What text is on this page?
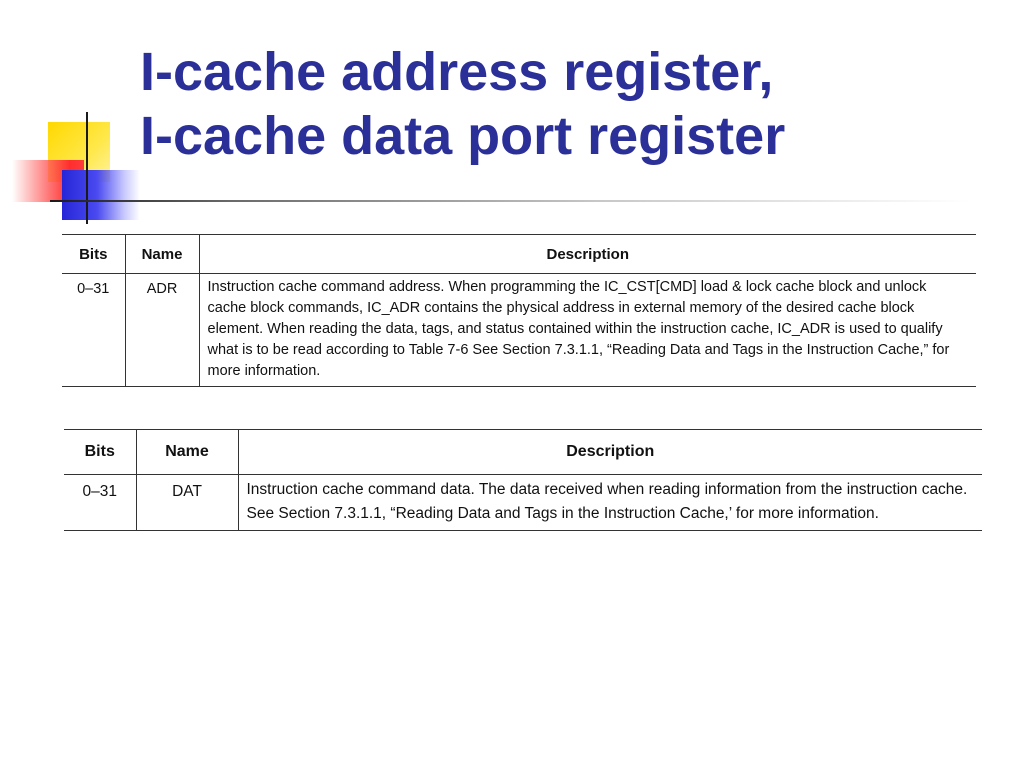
I-cache address register,
I-cache data port register
Bits	Name	Description
0–31	ADR	Instruction cache command address. When programming the IC_CST[CMD] load & lock cache block and unlock cache block commands, IC_ADR contains the physical address in external memory of the desired cache block element. When reading the data, tags, and status contained within the instruction cache, IC_ADR is used to qualify what is to be read according to Table 7-6 See Section 7.3.1.1, “Reading Data and Tags in the Instruction Cache,” for more information.
Bits	Name	Description
0–31	DAT	Instruction cache command data. The data received when reading information from the instruction cache. See Section 7.3.1.1, “Reading Data and Tags in the Instruction Cache,’ for more information.
